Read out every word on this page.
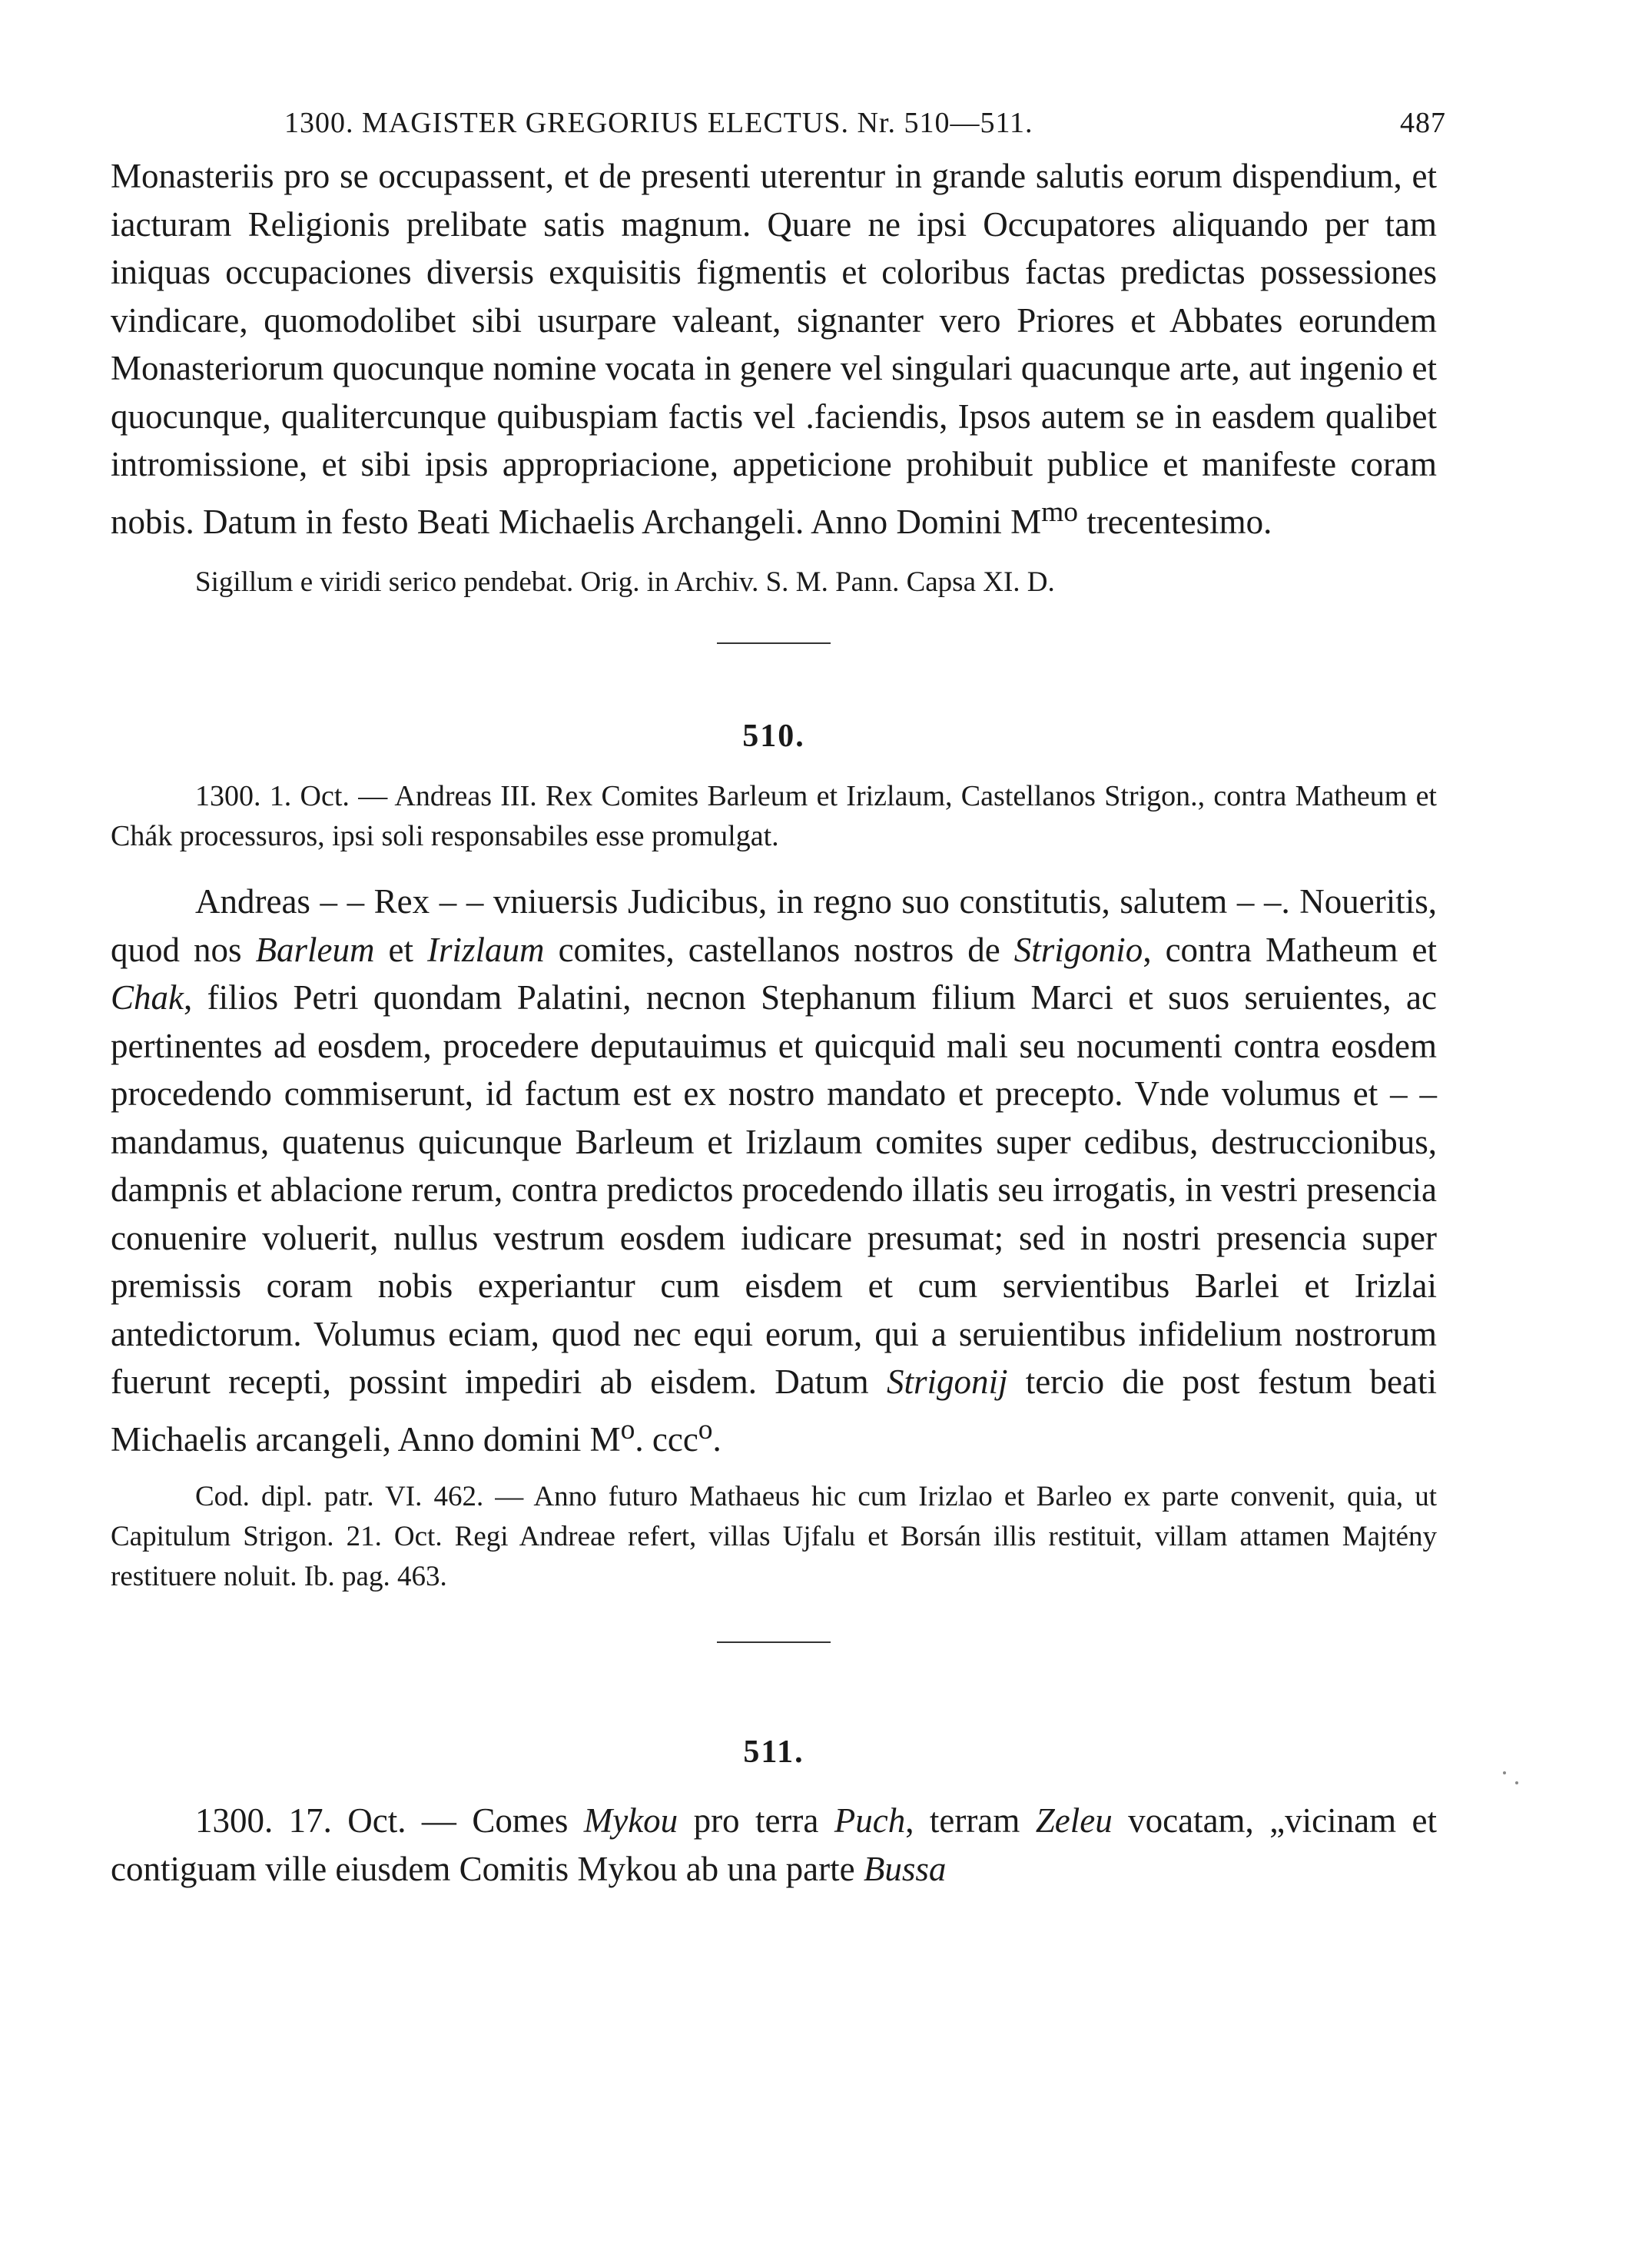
1300. MAGISTER GREGORIUS ELECTUS. Nr. 510—511.	487

Monasteriis pro se occupassent, et de presenti uterentur in grande salutis eorum dispendium, et iacturam Religionis prelibate satis magnum. Quare ne ipsi Occupatores aliquando per tam iniquas occupaciones diversis exquisitis figmentis et coloribus factas predictas possessiones vindicare, quomodolibet sibi usurpare valeant, signanter vero Priores et Abbates eorundem Monasteriorum quocunque nomine vocata in genere vel singulari quacunque arte, aut ingenio et quocunque, qualitercunque quibuspiam factis vel .faciendis, Ipsos autem se in easdem qualibet intromissione, et sibi ipsis appropriacione, appeticione prohibuit publice et manifeste coram nobis. Datum in festo Beati Michaelis Archangeli. Anno Domini $M^{mo}$ trecentesimo.

Sigillum e viridi serico pendebat. Orig. in Archiv. S. M. Pann. Capsa XI. D.

510.

1300. 1. Oct. — Andreas III. Rex Comites Barleum et Irizlaum, Castellanos Strigon., contra Matheum et Chák processuros, ipsi soli responsabiles esse promulgat.

Andreas – – Rex – – vniuersis Judicibus, in regno suo constitutis, salutem – –. Noueritis, quod nos Barleum et Irizlaum comites, castellanos nostros de Strigonio, contra Matheum et Chak, filios Petri quondam Palatini, necnon Stephanum filium Marci et suos seruientes, ac pertinentes ad eosdem, procedere deputauimus et quicquid mali seu nocumenti contra eosdem procedendo commiserunt, id factum est ex nostro mandato et precepto. Vnde volumus et – – mandamus, quatenus quicunque Barleum et Irizlaum comites super cedibus, destruccionibus, dampnis et ablacione rerum, contra predictos procedendo illatis seu irrogatis, in vestri presencia conuenire voluerit, nullus vestrum eosdem iudicare presumat; sed in nostri presencia super premissis coram nobis experiantur cum eisdem et cum servientibus Barlei et Irizlai antedictorum. Volumus eciam, quod nec equi eorum, qui a seruientibus infidelium nostrorum fuerunt recepti, possint impediri ab eisdem. Datum Strigonij tercio die post festum beati Michaelis arcangeli, Anno domini $M^o$. ccc$^o$.

Cod. dipl. patr. VI. 462. — Anno futuro Mathaeus hic cum Irizlao et Barleo ex parte convenit, quia, ut Capitulum Strigon. 21. Oct. Regi Andreae refert, villas Ujfalu et Borsán illis restituit, villam attamen Majtény restituere noluit. Ib. pag. 463.

511.

1300. 17. Oct. — Comes Mykou pro terra Puch, terram Zeleu vocatam, „vicinam et contiguam ville eiusdem Comitis Mykou ab una parte Bussa
